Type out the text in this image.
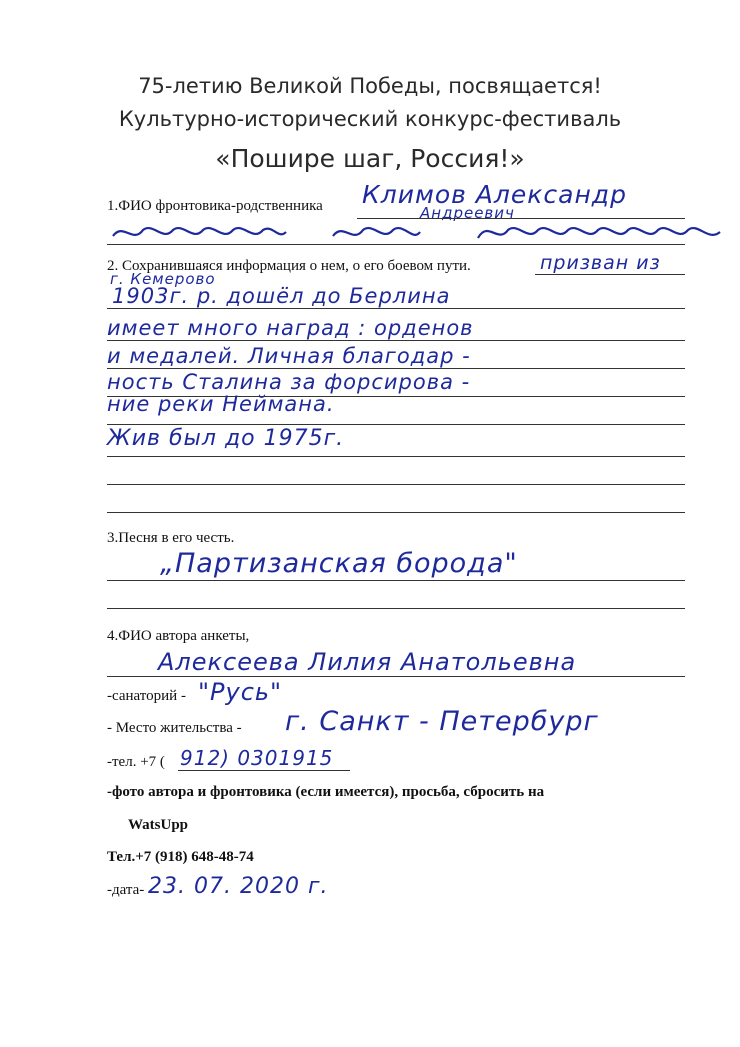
75-летию Великой Победы, посвящается!
Культурно-исторический конкурс-фестиваль
«Пошире шаг, Россия!»
1.ФИО фронтовика-родственника Климов Александр
Андреевич
2. Сохранившаяся информация о нем, о его боевом пути.	призван из
г. Кемерово
1903г. р. дошёл до Берлина
имеет много наград : орденов
и медалей. Личная благодар -
ность Сталина за форсирова -
ние реки Неймана.
Жив был до 1975г.
3.Песня в его честь.
„Партизанская борода"
4.ФИО автора анкеты,
Алексеева Лилия Анатольевна
-санаторий - "Русь"
- Место жительства - г. Санкт - Петербург
-тел. +7 ( 912) 0301915
-фото автора и фронтовика (если имеется), просьба, сбросить на
WatsUpp
Тел.+7 (918) 648-48-74
-дата- 23. 07. 2020 г.
